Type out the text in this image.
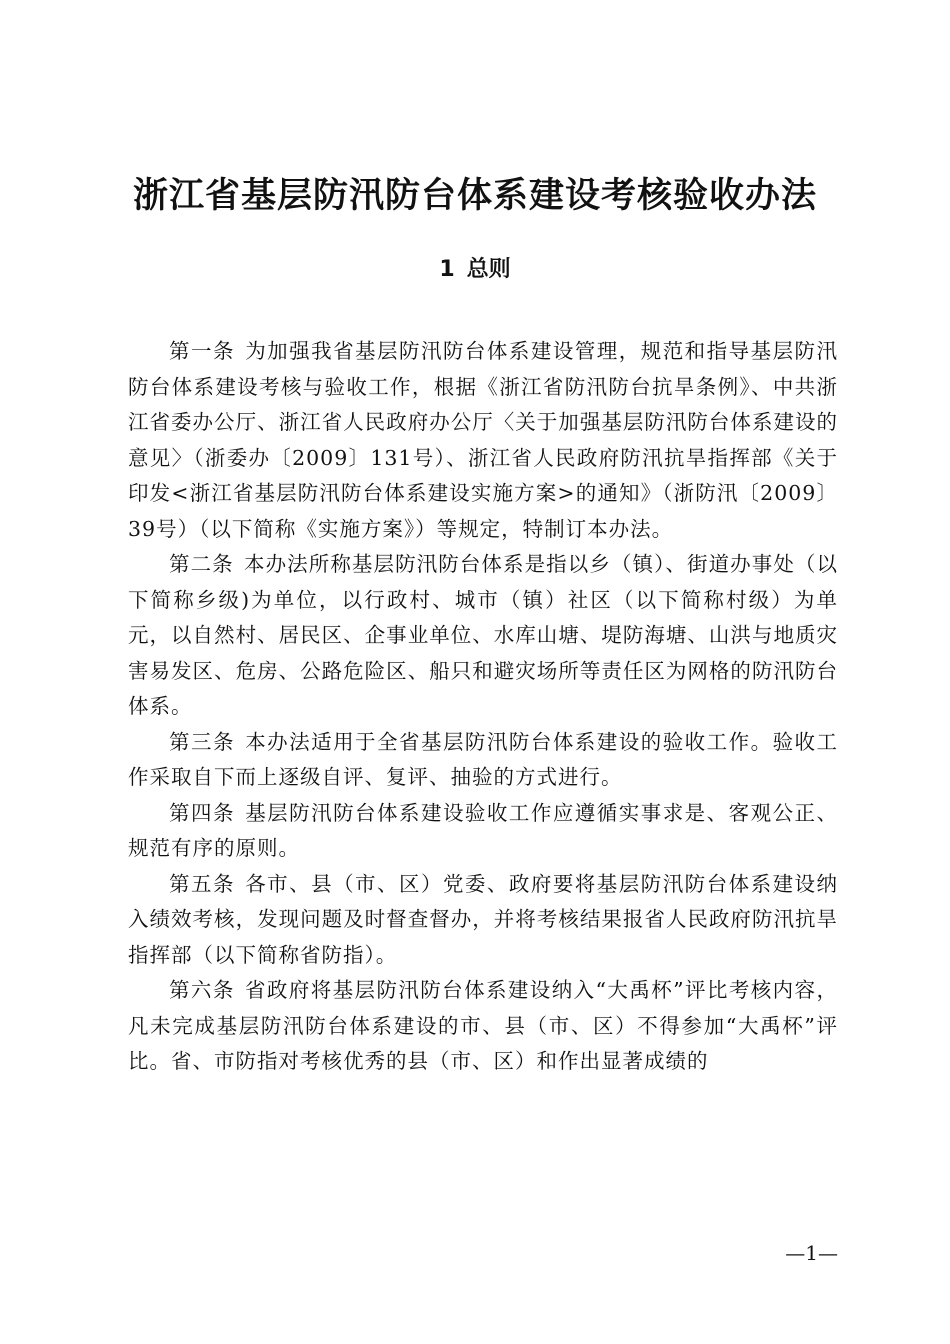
浙江省基层防汛防台体系建设考核验收办法
1 总则

第一条 为加强我省基层防汛防台体系建设管理，规范和指导基层防汛防台体系建设考核与验收工作，根据《浙江省防汛防台抗旱条例》、中共浙江省委办公厅、浙江省人民政府办公厅〈关于加强基层防汛防台体系建设的意见〉（浙委办〔2009〕131号）、浙江省人民政府防汛抗旱指挥部《关于印发<浙江省基层防汛防台体系建设实施方案>的通知》（浙防汛〔2009〕39号）（以下简称《实施方案》）等规定，特制订本办法。

第二条 本办法所称基层防汛防台体系是指以乡（镇）、街道办事处（以下简称乡级)为单位，以行政村、城市（镇）社区（以下简称村级）为单元，以自然村、居民区、企事业单位、水库山塘、堤防海塘、山洪与地质灾害易发区、危房、公路危险区、船只和避灾场所等责任区为网格的防汛防台体系。

第三条 本办法适用于全省基层防汛防台体系建设的验收工作。验收工作采取自下而上逐级自评、复评、抽验的方式进行。

第四条 基层防汛防台体系建设验收工作应遵循实事求是、客观公正、规范有序的原则。

第五条 各市、县（市、区）党委、政府要将基层防汛防台体系建设纳入绩效考核，发现问题及时督查督办，并将考核结果报省人民政府防汛抗旱指挥部（以下简称省防指）。

第六条 省政府将基层防汛防台体系建设纳入“大禹杯”评比考核内容，凡未完成基层防汛防台体系建设的市、县（市、区）不得参加“大禹杯”评比。省、市防指对考核优秀的县（市、区）和作出显著成绩的

—1—
